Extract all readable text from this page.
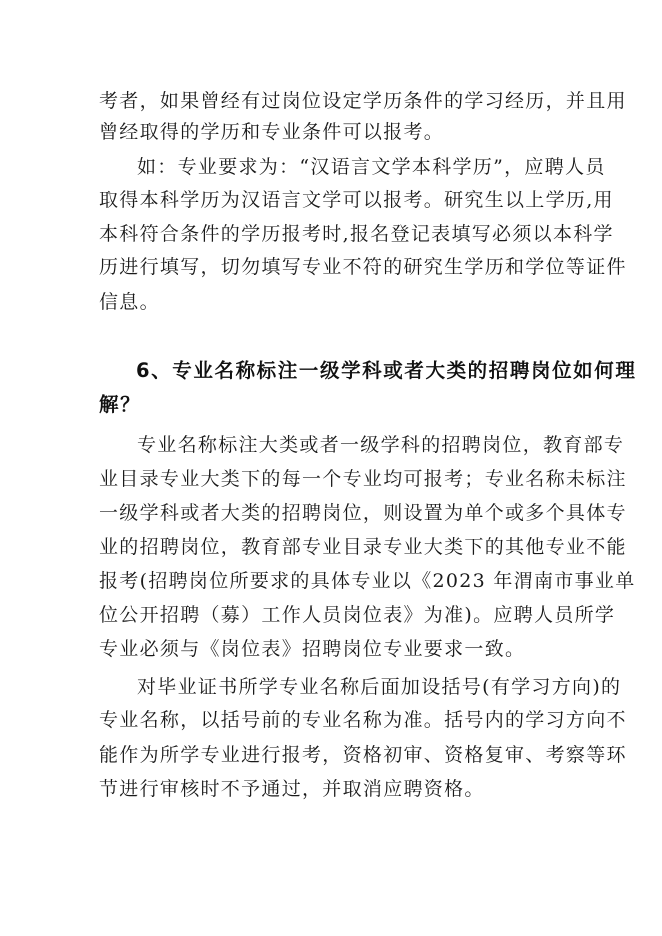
考者，如果曾经有过岗位设定学历条件的学习经历，并且用
曾经取得的学历和专业条件可以报考。
如：专业要求为：“汉语言文学本科学历”，应聘人员
取得本科学历为汉语言文学可以报考。研究生以上学历,用
本科符合条件的学历报考时,报名登记表填写必须以本科学
历进行填写，切勿填写专业不符的研究生学历和学位等证件
信息。
6、专业名称标注一级学科或者大类的招聘岗位如何理
解？
专业名称标注大类或者一级学科的招聘岗位，教育部专
业目录专业大类下的每一个专业均可报考；专业名称未标注
一级学科或者大类的招聘岗位，则设置为单个或多个具体专
业的招聘岗位，教育部专业目录专业大类下的其他专业不能
报考(招聘岗位所要求的具体专业以《2023 年渭南市事业单
位公开招聘（募）工作人员岗位表》为准)。应聘人员所学
专业必须与《岗位表》招聘岗位专业要求一致。
对毕业证书所学专业名称后面加设括号(有学习方向)的
专业名称，以括号前的专业名称为准。括号内的学习方向不
能作为所学专业进行报考，资格初审、资格复审、考察等环
节进行审核时不予通过，并取消应聘资格。
